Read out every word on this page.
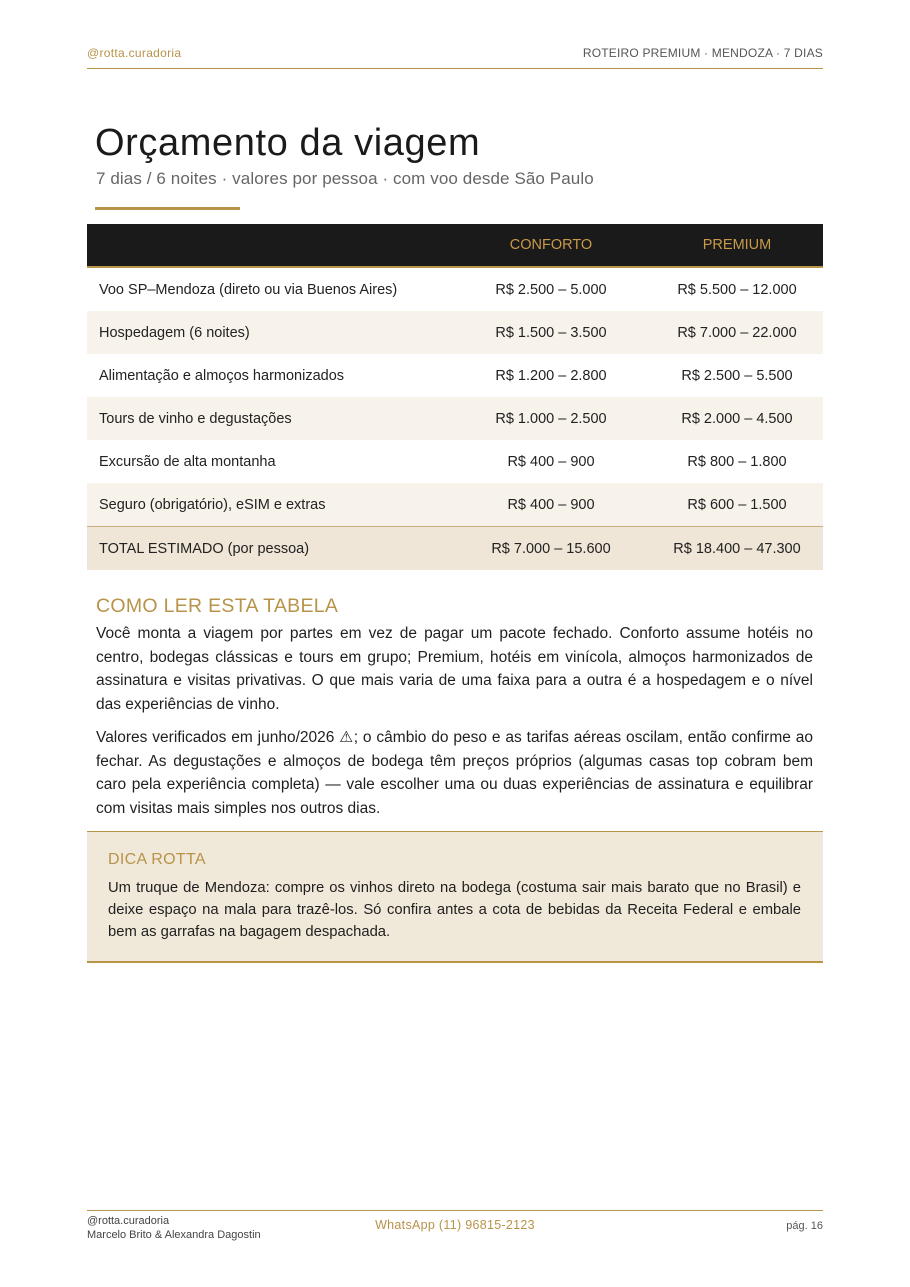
@rotta.curadoria	ROTEIRO PREMIUM · MENDOZA · 7 DIAS
Orçamento da viagem
7 dias / 6 noites · valores por pessoa · com voo desde São Paulo
	CONFORTO	PREMIUM
Voo SP–Mendoza (direto ou via Buenos Aires)	R$ 2.500 – 5.000	R$ 5.500 – 12.000
Hospedagem (6 noites)	R$ 1.500 – 3.500	R$ 7.000 – 22.000
Alimentação e almoços harmonizados	R$ 1.200 – 2.800	R$ 2.500 – 5.500
Tours de vinho e degustações	R$ 1.000 – 2.500	R$ 2.000 – 4.500
Excursão de alta montanha	R$ 400 – 900	R$ 800 – 1.800
Seguro (obrigatório), eSIM e extras	R$ 400 – 900	R$ 600 – 1.500
TOTAL ESTIMADO (por pessoa)	R$ 7.000 – 15.600	R$ 18.400 – 47.300
COMO LER ESTA TABELA

Você monta a viagem por partes em vez de pagar um pacote fechado. Conforto assume hotéis no centro, bodegas clássicas e tours em grupo; Premium, hotéis em vinícola, almoços harmonizados de assinatura e visitas privativas. O que mais varia de uma faixa para a outra é a hospedagem e o nível das experiências de vinho.

Valores verificados em junho/2026 ⚠; o câmbio do peso e as tarifas aéreas oscilam, então confirme ao fechar. As degustações e almoços de bodega têm preços próprios (algumas casas top cobram bem caro pela experiência completa) — vale escolher uma ou duas experiências de assinatura e equilibrar com visitas mais simples nos outros dias.

DICA ROTTA

Um truque de Mendoza: compre os vinhos direto na bodega (costuma sair mais barato que no Brasil) e deixe espaço na mala para trazê-los. Só confira antes a cota de bebidas da Receita Federal e embale bem as garrafas na bagagem despachada.

@rotta.curadoria
Marcelo Brito & Alexandra Dagostin
WhatsApp (11) 96815-2123	pág. 16
